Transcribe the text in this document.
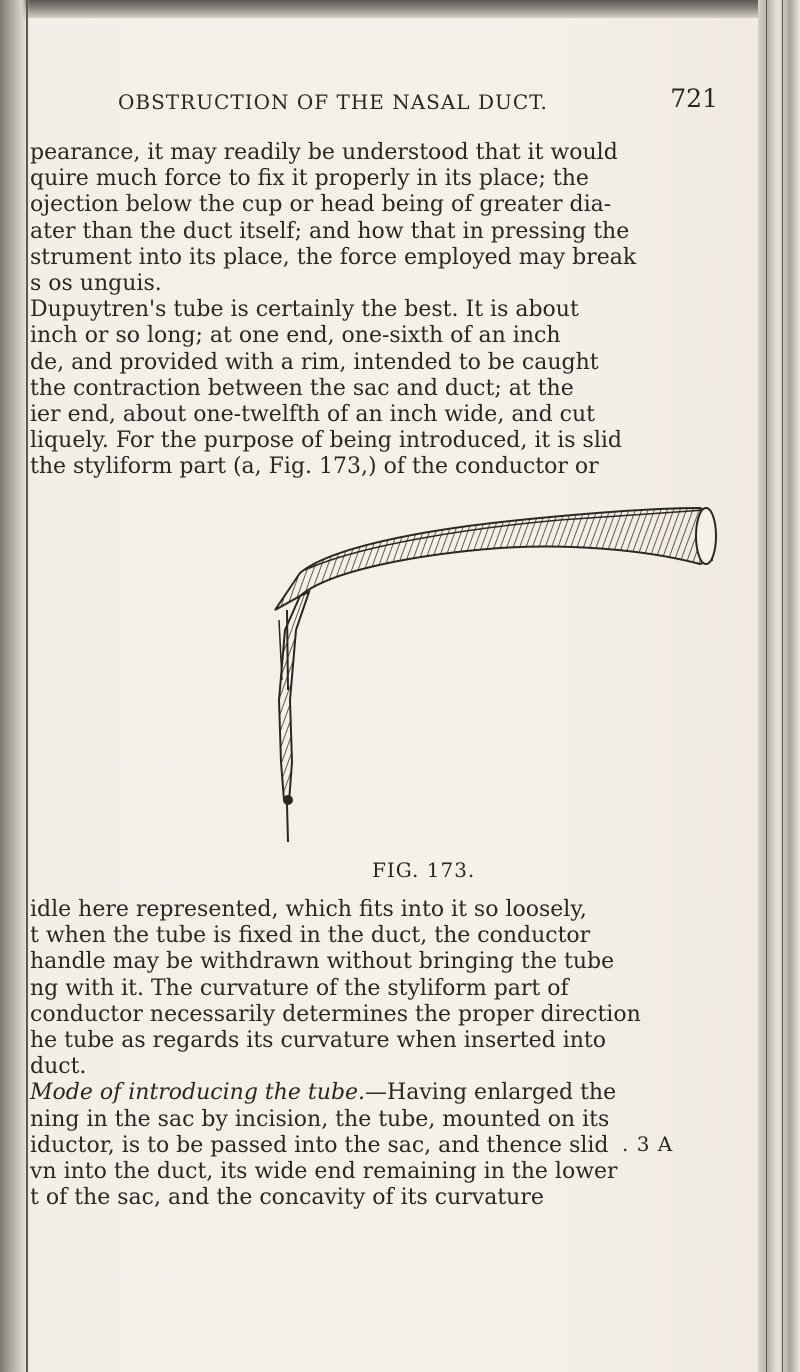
OBSTRUCTION OF THE NASAL DUCT.	721

pearance, it may readily be understood that it would
quire much force to fix it properly in its place; the
ojection below the cup or head being of greater dia-
ater than the duct itself; and how that in pressing the
strument into its place, the force employed may break
s os unguis.
Dupuytren's tube is certainly the best. It is about
inch or so long; at one end, one-sixth of an inch
de, and provided with a rim, intended to be caught
the contraction between the sac and duct; at the
ier end, about one-twelfth of an inch wide, and cut
liquely. For the purpose of being introduced, it is slid
the styliform part (a, Fig. 173,) of the conductor or

FIG. 173.

idle here represented, which fits into it so loosely,
t when the tube is fixed in the duct, the conductor
handle may be withdrawn without bringing the tube
ng with it. The curvature of the styliform part of
conductor necessarily determines the proper direction
he tube as regards its curvature when inserted into
duct.
Mode of introducing the tube.—Having enlarged the
ning in the sac by incision, the tube, mounted on its
iductor, is to be passed into the sac, and thence slid
vn into the duct, its wide end remaining in the lower
t of the sac, and the concavity of its curvature

. 3 A
